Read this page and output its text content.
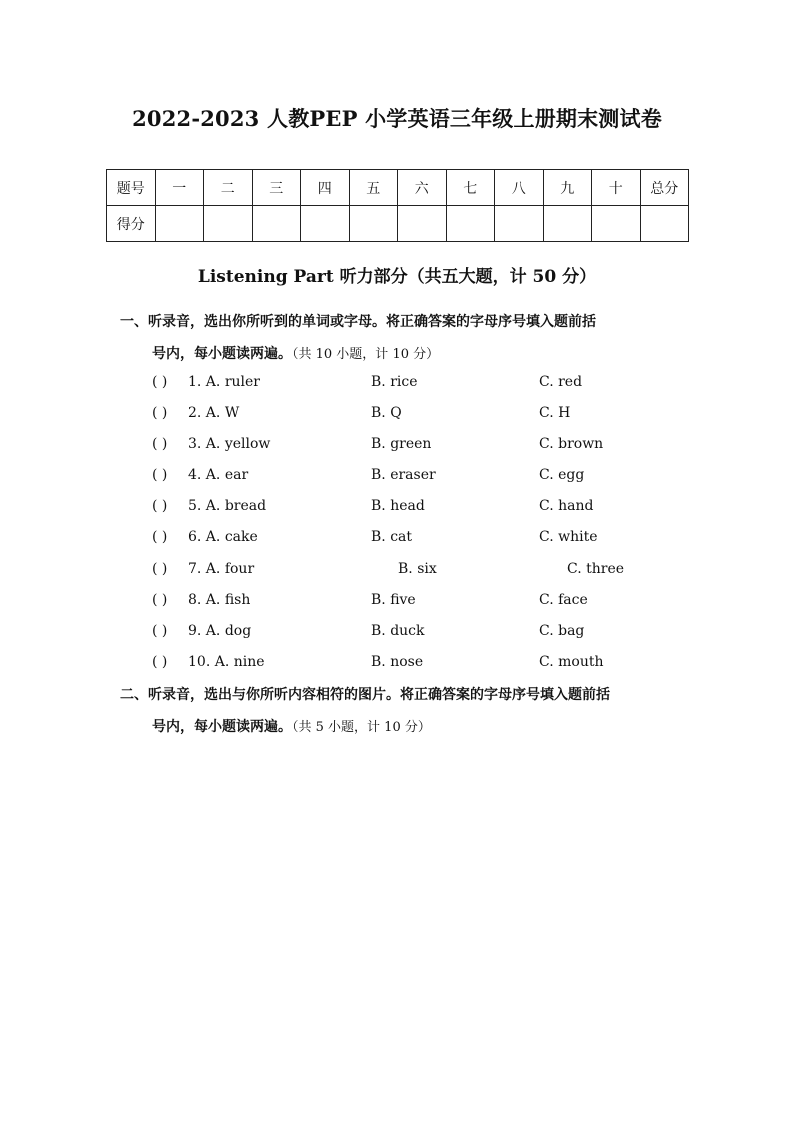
2022-2023 人教PEP 小学英语三年级上册期末测试卷
题号	一	二	三	四	五	六	七	八	九	十	总分
得分											
Listening Part 听力部分（共五大题，计 50 分）
一、听录音，选出你所听到的单词或字母。将正确答案的字母序号填入题前括
号内，每小题读两遍。（共 10 小题，计 10 分）
( ) 1. A. ruler	B. rice	C. red
( ) 2. A. W	B. Q	C. H
( ) 3. A. yellow	B. green	C. brown
( ) 4. A. ear	B. eraser	C. egg
( ) 5. A. bread	B. head	C. hand
( ) 6. A. cake	B. cat	C. white
( ) 7. A. four	B. six	C. three
( ) 8. A. fish	B. five	C. face
( ) 9. A. dog	B. duck	C. bag
( ) 10. A. nine	B. nose	C. mouth
二、听录音，选出与你所听内容相符的图片。将正确答案的字母序号填入题前括
号内，每小题读两遍。（共 5 小题，计 10 分）
